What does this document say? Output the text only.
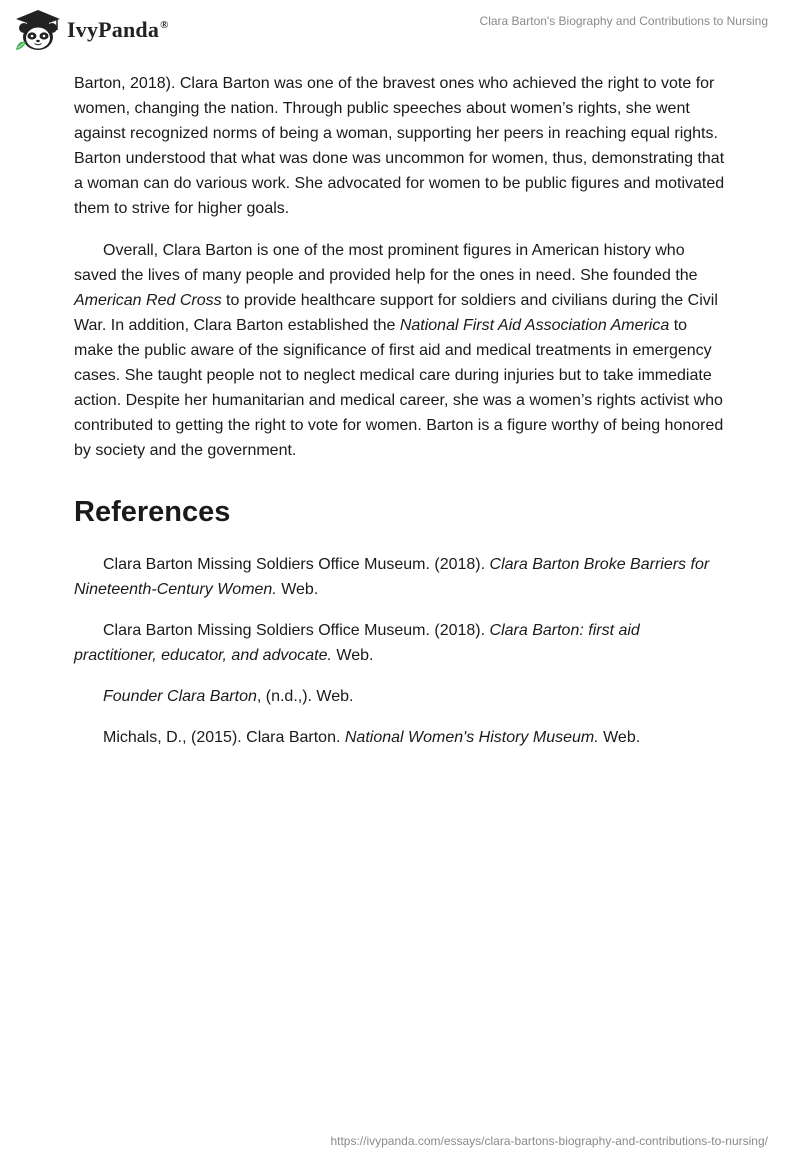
IvyPanda®	Clara Barton's Biography and Contributions to Nursing

Barton, 2018). Clara Barton was one of the bravest ones who achieved the right to vote for women, changing the nation. Through public speeches about women’s rights, she went against recognized norms of being a woman, supporting her peers in reaching equal rights. Barton understood that what was done was uncommon for women, thus, demonstrating that a woman can do various work. She advocated for women to be public figures and motivated them to strive for higher goals.

Overall, Clara Barton is one of the most prominent figures in American history who saved the lives of many people and provided help for the ones in need. She founded the American Red Cross to provide healthcare support for soldiers and civilians during the Civil War. In addition, Clara Barton established the National First Aid Association America to make the public aware of the significance of first aid and medical treatments in emergency cases. She taught people not to neglect medical care during injuries but to take immediate action. Despite her humanitarian and medical career, she was a women’s rights activist who contributed to getting the right to vote for women. Barton is a figure worthy of being honored by society and the government.

References

Clara Barton Missing Soldiers Office Museum. (2018). Clara Barton Broke Barriers for Nineteenth-Century Women. Web.

Clara Barton Missing Soldiers Office Museum. (2018). Clara Barton: first aid practitioner, educator, and advocate. Web.

Founder Clara Barton, (n.d.,). Web.

Michals, D., (2015). Clara Barton. National Women's History Museum. Web.

https://ivypanda.com/essays/clara-bartons-biography-and-contributions-to-nursing/
